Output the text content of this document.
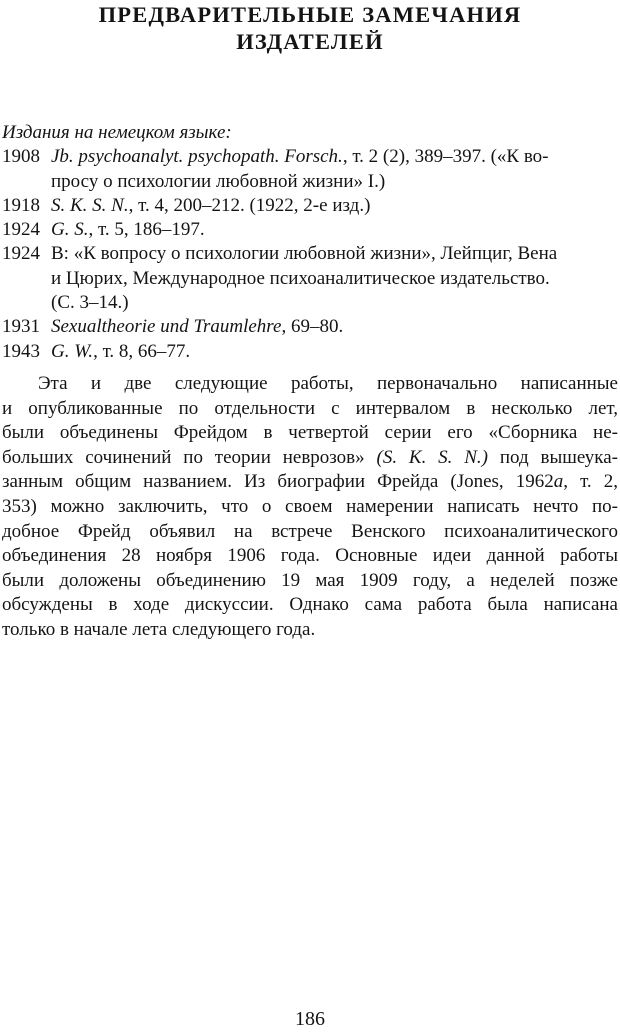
ПРЕДВАРИТЕЛЬНЫЕ ЗАМЕЧАНИЯ
ИЗДАТЕЛЕЙ
Издания на немецком языке:
1908 Jb. psychoanalyt. psychopath. Forsch., т. 2 (2), 389–397. («К во-
просу о психологии любовной жизни» I.)
1918 S. K. S. N., т. 4, 200–212. (1922, 2-е изд.)
1924 G. S., т. 5, 186–197.
1924 В: «К вопросу о психологии любовной жизни», Лейпциг, Вена
и Цюрих, Международное психоаналитическое издательство.
(С. 3–14.)
1931 Sexualtheorie und Traumlehre, 69–80.
1943 G. W., т. 8, 66–77.
Эта и две следующие работы, первоначально написанные
и опубликованные по отдельности с интервалом в несколько лет,
были объединены Фрейдом в четвертой серии его «Сборника не-
больших сочинений по теории неврозов» (S. K. S. N.) под вышеука-
занным общим названием. Из биографии Фрейда (Jones, 1962a, т. 2,
353) можно заключить, что о своем намерении написать нечто по-
добное Фрейд объявил на встрече Венского психоаналитического
объединения 28 ноября 1906 года. Основные идеи данной работы
были доложены объединению 19 мая 1909 году, а неделей позже
обсуждены в ходе дискуссии. Однако сама работа была написана
только в начале лета следующего года.
186
